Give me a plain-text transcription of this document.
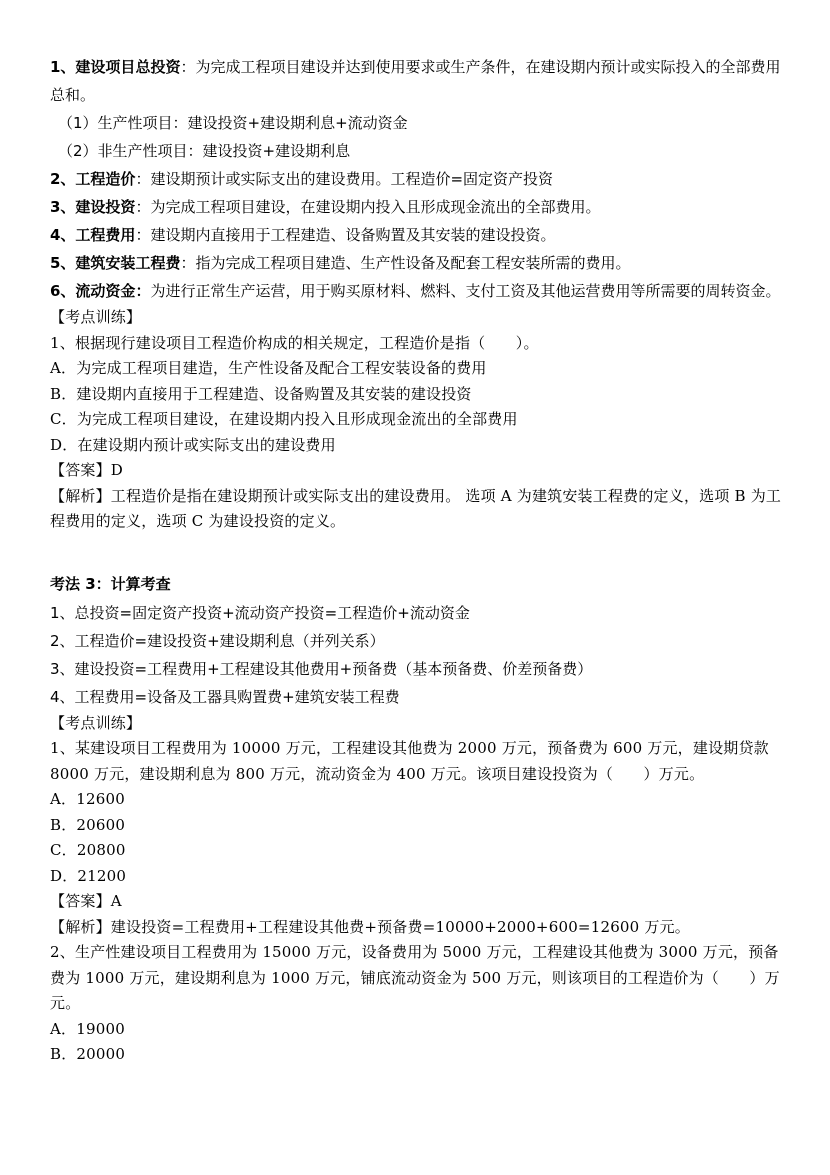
1、建设项目总投资：为完成工程项目建设并达到使用要求或生产条件，在建设期内预计或实际投入的全部费用总和。
（1）生产性项目：建设投资+建设期利息+流动资金
（2）非生产性项目：建设投资+建设期利息
2、工程造价：建设期预计或实际支出的建设费用。工程造价=固定资产投资
3、建设投资：为完成工程项目建设，在建设期内投入且形成现金流出的全部费用。
4、工程费用：建设期内直接用于工程建造、设备购置及其安装的建设投资。
5、建筑安装工程费：指为完成工程项目建造、生产性设备及配套工程安装所需的费用。
6、流动资金：为进行正常生产运营，用于购买原材料、燃料、支付工资及其他运营费用等所需要的周转资金。
【考点训练】
1、根据现行建设项目工程造价构成的相关规定，工程造价是指（　　）。
A．为完成工程项目建造，生产性设备及配合工程安装设备的费用
B．建设期内直接用于工程建造、设备购置及其安装的建设投资
C．为完成工程项目建设，在建设期内投入且形成现金流出的全部费用
D．在建设期内预计或实际支出的建设费用
【答案】D
【解析】工程造价是指在建设期预计或实际支出的建设费用。 选项 A 为建筑安装工程费的定义，选项 B 为工程费用的定义，选项 C 为建设投资的定义。
考法 3：计算考查
1、总投资=固定资产投资+流动资产投资=工程造价+流动资金
2、工程造价=建设投资+建设期利息（并列关系）
3、建设投资=工程费用+工程建设其他费用+预备费（基本预备费、价差预备费）
4、工程费用=设备及工器具购置费+建筑安装工程费
【考点训练】
1、某建设项目工程费用为 10000 万元，工程建设其他费为 2000 万元，预备费为 600 万元，建设期贷款 8000 万元，建设期利息为 800 万元，流动资金为 400 万元。该项目建设投资为（　　）万元。
A．12600
B．20600
C．20800
D．21200
【答案】A
【解析】建设投资=工程费用+工程建设其他费+预备费=10000+2000+600=12600 万元。
2、生产性建设项目工程费用为 15000 万元，设备费用为 5000 万元，工程建设其他费为 3000 万元，预备费为 1000 万元，建设期利息为 1000 万元，铺底流动资金为 500 万元，则该项目的工程造价为（　　）万元。
A．19000
B．20000
